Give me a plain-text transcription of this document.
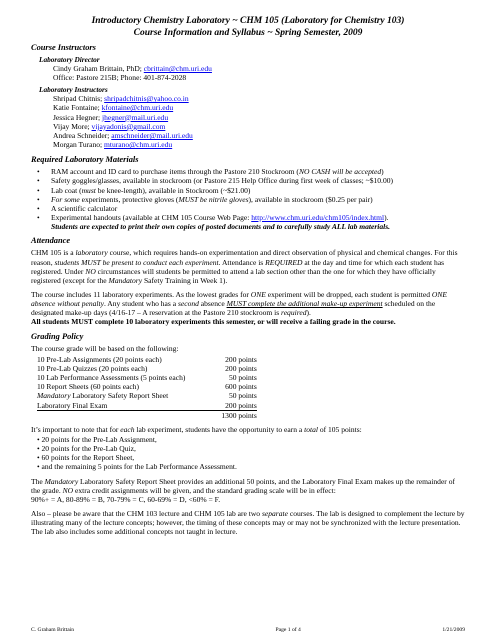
Introductory Chemistry Laboratory ~ CHM 105 (Laboratory for Chemistry 103)
Course Information and Syllabus ~ Spring Semester, 2009
Course Instructors
Laboratory Director
Cindy Graham Brittain, PhD; cbrittain@chm.uri.edu
Office: Pastore 215B; Phone: 401-874-2028
Laboratory Instructors
Shripad Chitnis; shripadchitnis@yahoo.co.in
Katie Fontaine; kfontaine@chm.uri.edu
Jessica Hegner; jhegner@mail.uri.edu
Vijay More; vijayadonis@gmail.com
Andrea Schneider; amschneider@mail.uri.edu
Morgan Turano; mturano@chm.uri.edu
Required Laboratory Materials
• RAM account and ID card to purchase items through the Pastore 210 Stockroom (NO CASH will be accepted)
• Safety goggles/glasses, available in stockroom (or Pastore 215 Help Office during first week of classes; ~$10.00)
• Lab coat (must be knee-length), available in Stockroom (~$21.00)
• For some experiments, protective gloves (MUST be nitrile gloves), available in stockroom ($0.25 per pair)
• A scientific calculator
• Experimental handouts (available at CHM 105 Course Web Page: http://www.chm.uri.edu/chm105/index.html).
Students are expected to print their own copies of posted documents and to carefully study ALL lab materials.
Attendance

CHM 105 is a laboratory course, which requires hands-on experimentation and direct observation of physical and chemical changes. For this reason, students MUST be present to conduct each experiment. Attendance is REQUIRED at the day and time for which each student has registered. Under NO circumstances will students be permitted to attend a lab section other than the one for which they have officially registered (except for the Mandatory Safety Training in Week 1).

The course includes 11 laboratory experiments. As the lowest grades for ONE experiment will be dropped, each student is permitted ONE absence without penalty. Any student who has a second absence MUST complete the additional make-up experiment scheduled on the designated make-up days (4/16-17 – A reservation at the Pastore 210 stockroom is required).
All students MUST complete 10 laboratory experiments this semester, or will receive a failing grade in the course.

Grading Policy
The course grade will be based on the following:
10 Pre-Lab Assignments (20 points each)	200 points
10 Pre-Lab Quizzes (20 points each)	200 points
10 Lab Performance Assessments (5 points each)	50 points
10 Report Sheets (60 points each)	600 points
Mandatory Laboratory Safety Report Sheet	50 points
Laboratory Final Exam	200 points
	1300 points
It’s important to note that for each lab experiment, students have the opportunity to earn a total of 105 points:
• 20 points for the Pre-Lab Assignment,
• 20 points for the Pre-Lab Quiz,
• 60 points for the Report Sheet,
• and the remaining 5 points for the Lab Performance Assessment.

The Mandatory Laboratory Safety Report Sheet provides an additional 50 points, and the Laboratory Final Exam makes up the remainder of the grade. NO extra credit assignments will be given, and the standard grading scale will be in effect:
90%+ = A, 80-89% = B, 70-79% = C, 60-69% = D, <60% = F.

Also – please be aware that the CHM 103 lecture and CHM 105 lab are two separate courses. The lab is designed to complement the lecture by illustrating many of the lecture concepts; however, the timing of these concepts may or may not be synchronized with the lecture presentation. The lab also includes some additional concepts not taught in lecture.

C. Graham Brittain	Page 1 of 4	1/21/2009
